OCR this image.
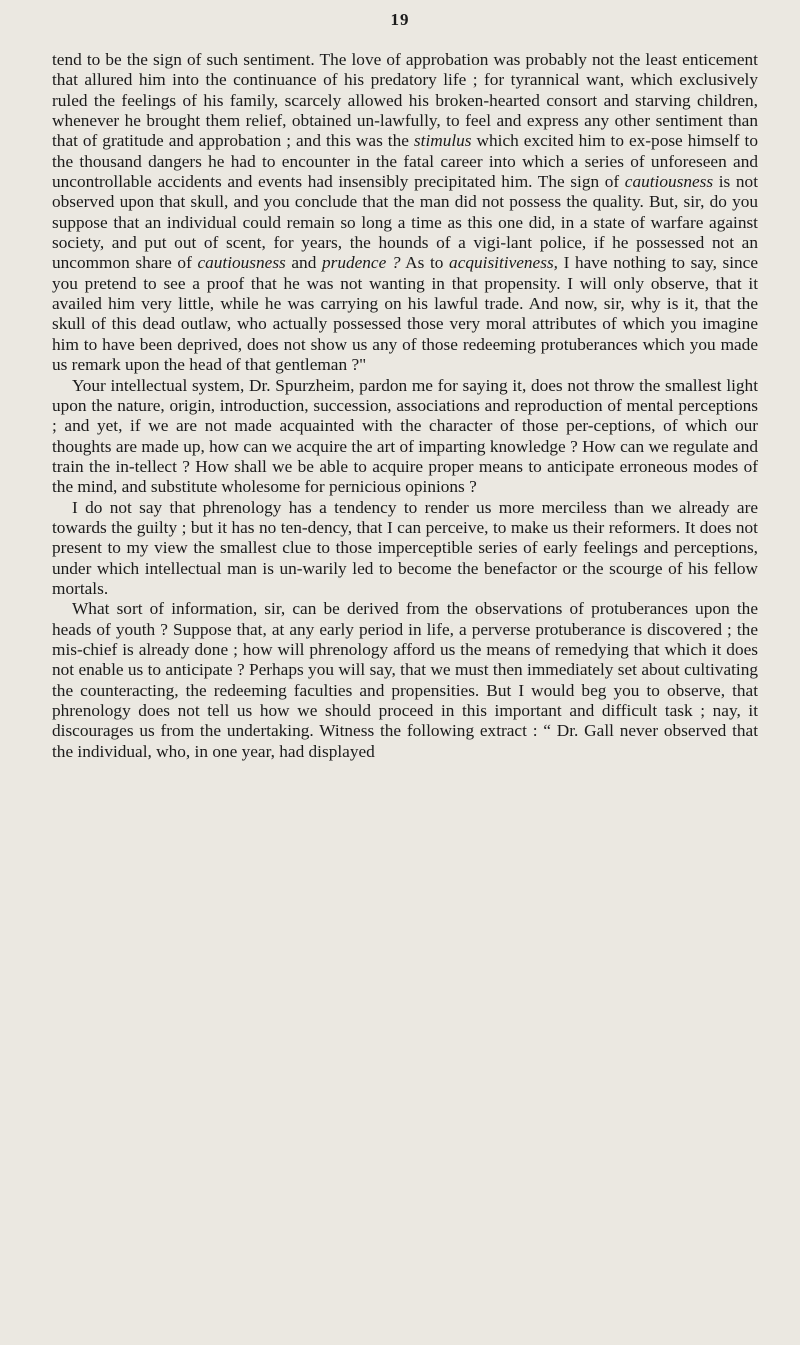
19

tend to be the sign of such sentiment. The love of approbation was probably not the least enticement that allured him into the continuance of his predatory life ; for tyrannical want, which exclusively ruled the feelings of his family, scarcely allowed his broken-hearted consort and starving children, whenever he brought them relief, obtained un-lawfully, to feel and express any other sentiment than that of gratitude and approbation ; and this was the stimulus which excited him to ex-pose himself to the thousand dangers he had to encounter in the fatal career into which a series of unforeseen and uncontrollable accidents and events had insensibly precipitated him. The sign of cautiousness is not observed upon that skull, and you conclude that the man did not possess the quality. But, sir, do you suppose that an individual could remain so long a time as this one did, in a state of warfare against society, and put out of scent, for years, the hounds of a vigi-lant police, if he possessed not an uncommon share of cautiousness and prudence ? As to acquisitiveness, I have nothing to say, since you pretend to see a proof that he was not wanting in that propensity. I will only observe, that it availed him very little, while he was carrying on his lawful trade. And now, sir, why is it, that the skull of this dead outlaw, who actually possessed those very moral attributes of which you imagine him to have been deprived, does not show us any of those redeeming protuberances which you made us remark upon the head of that gentleman ?"

Your intellectual system, Dr. Spurzheim, pardon me for saying it, does not throw the smallest light upon the nature, origin, introduction, succession, associations and reproduction of mental perceptions ; and yet, if we are not made acquainted with the character of those per-ceptions, of which our thoughts are made up, how can we acquire the art of imparting knowledge ? How can we regulate and train the in-tellect ? How shall we be able to acquire proper means to anticipate erroneous modes of the mind, and substitute wholesome for pernicious opinions ?

I do not say that phrenology has a tendency to render us more merciless than we already are towards the guilty ; but it has no ten-dency, that I can perceive, to make us their reformers. It does not present to my view the smallest clue to those imperceptible series of early feelings and perceptions, under which intellectual man is un-warily led to become the benefactor or the scourge of his fellow mortals.

What sort of information, sir, can be derived from the observations of protuberances upon the heads of youth ? Suppose that, at any early period in life, a perverse protuberance is discovered ; the mis-chief is already done ; how will phrenology afford us the means of remedying that which it does not enable us to anticipate ? Perhaps you will say, that we must then immediately set about cultivating the counteracting, the redeeming faculties and propensities. But I would beg you to observe, that phrenology does not tell us how we should proceed in this important and difficult task ; nay, it discourages us from the undertaking. Witness the following extract : “ Dr. Gall never observed that the individual, who, in one year, had displayed
